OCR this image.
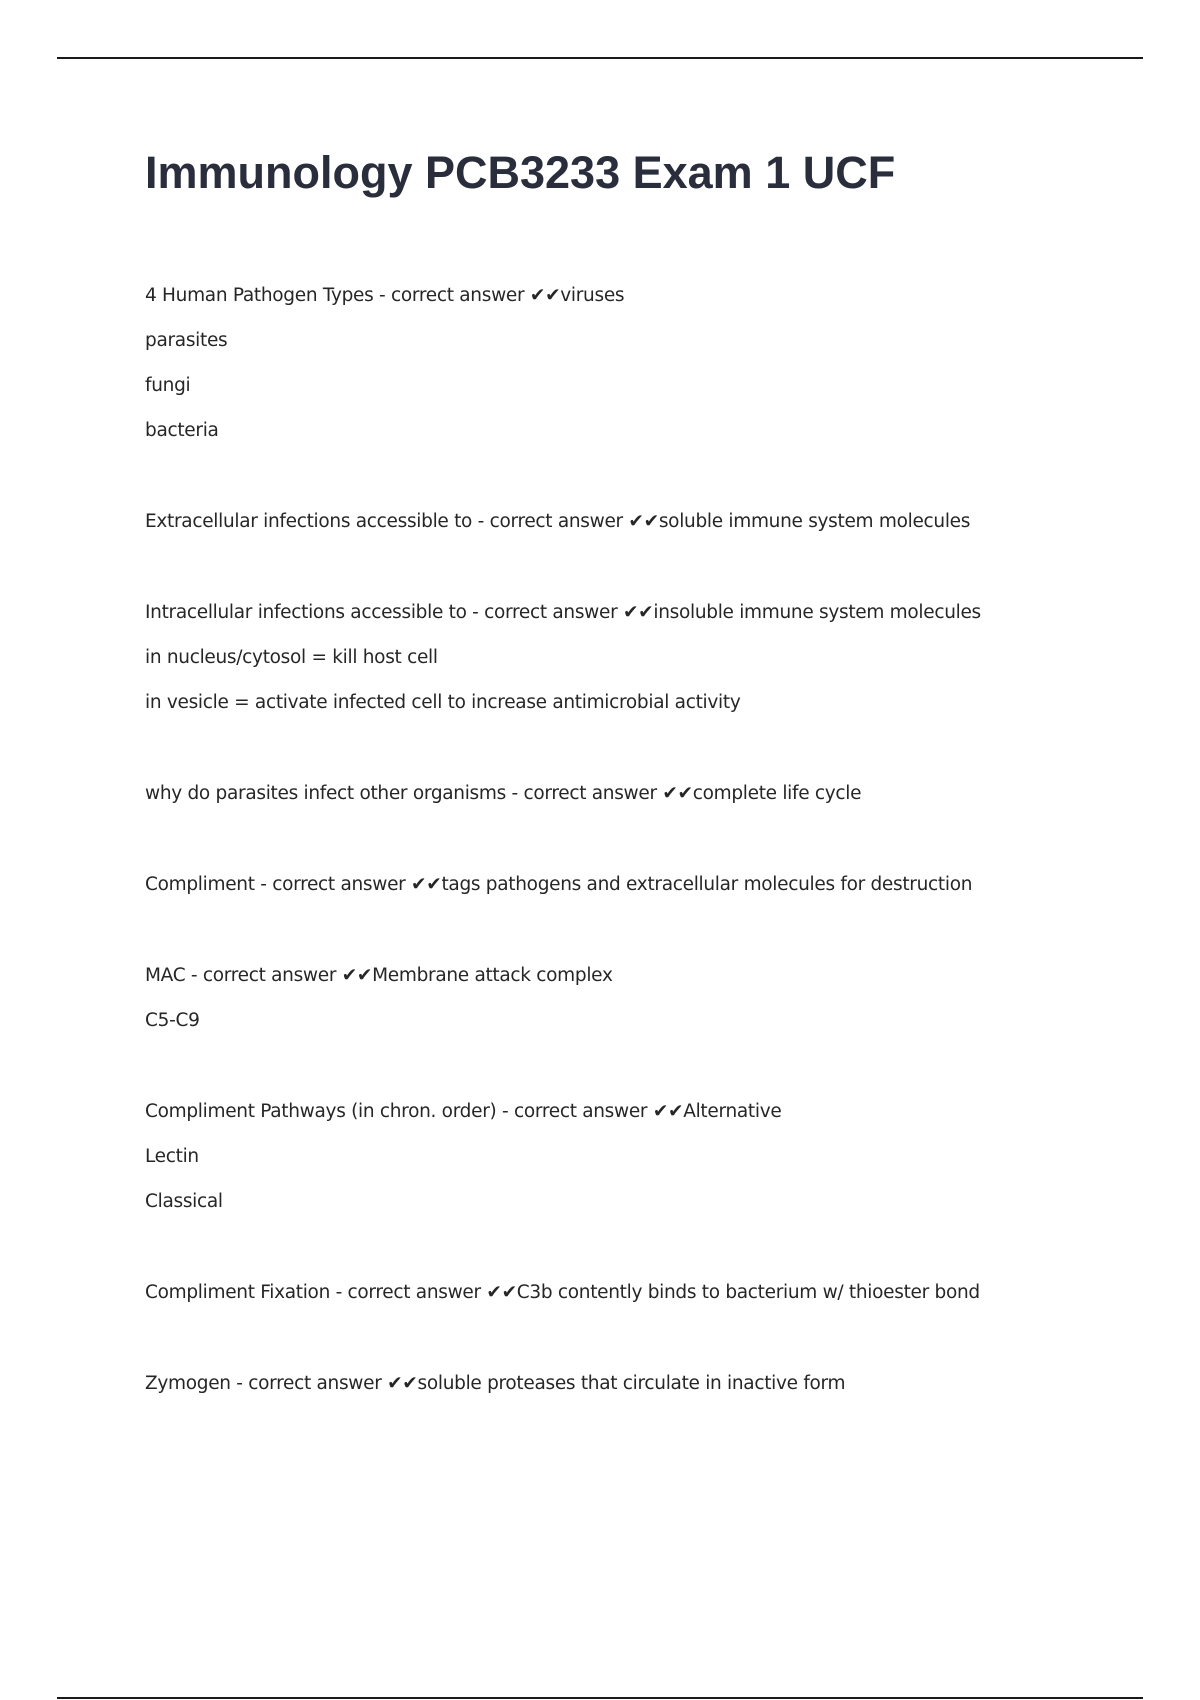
Immunology PCB3233 Exam 1 UCF
4 Human Pathogen Types - correct answer ✔✔viruses
parasites
fungi
bacteria
Extracellular infections accessible to - correct answer ✔✔soluble immune system molecules
Intracellular infections accessible to - correct answer ✔✔insoluble immune system molecules
in nucleus/cytosol = kill host cell
in vesicle = activate infected cell to increase antimicrobial activity
why do parasites infect other organisms - correct answer ✔✔complete life cycle
Compliment - correct answer ✔✔tags pathogens and extracellular molecules for destruction
MAC - correct answer ✔✔Membrane attack complex
C5-C9
Compliment Pathways (in chron. order) - correct answer ✔✔Alternative
Lectin
Classical
Compliment Fixation - correct answer ✔✔C3b contently binds to bacterium w/ thioester bond
Zymogen - correct answer ✔✔soluble proteases that circulate in inactive form
